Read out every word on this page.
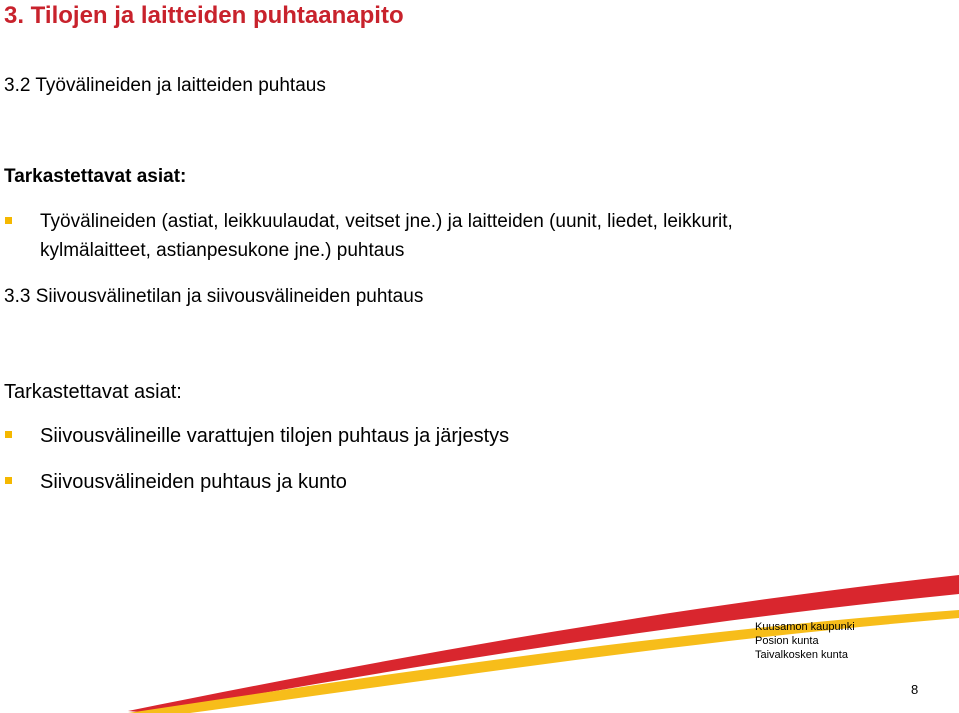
3. Tilojen ja laitteiden puhtaanapito
3.2 Työvälineiden ja laitteiden puhtaus
Tarkastettavat asiat:
Työvälineiden (astiat, leikkuulaudat, veitset jne.) ja laitteiden (uunit, liedet, leikkurit,
kylmälaitteet, astianpesukone jne.) puhtaus
3.3 Siivousvälinetilan ja siivousvälineiden puhtaus
Tarkastettavat asiat:
Siivousvälineille varattujen tilojen puhtaus ja järjestys
Siivousvälineiden puhtaus ja kunto
Kuusamon kaupunki
Posion kunta
Taivalkosken kunta
8
